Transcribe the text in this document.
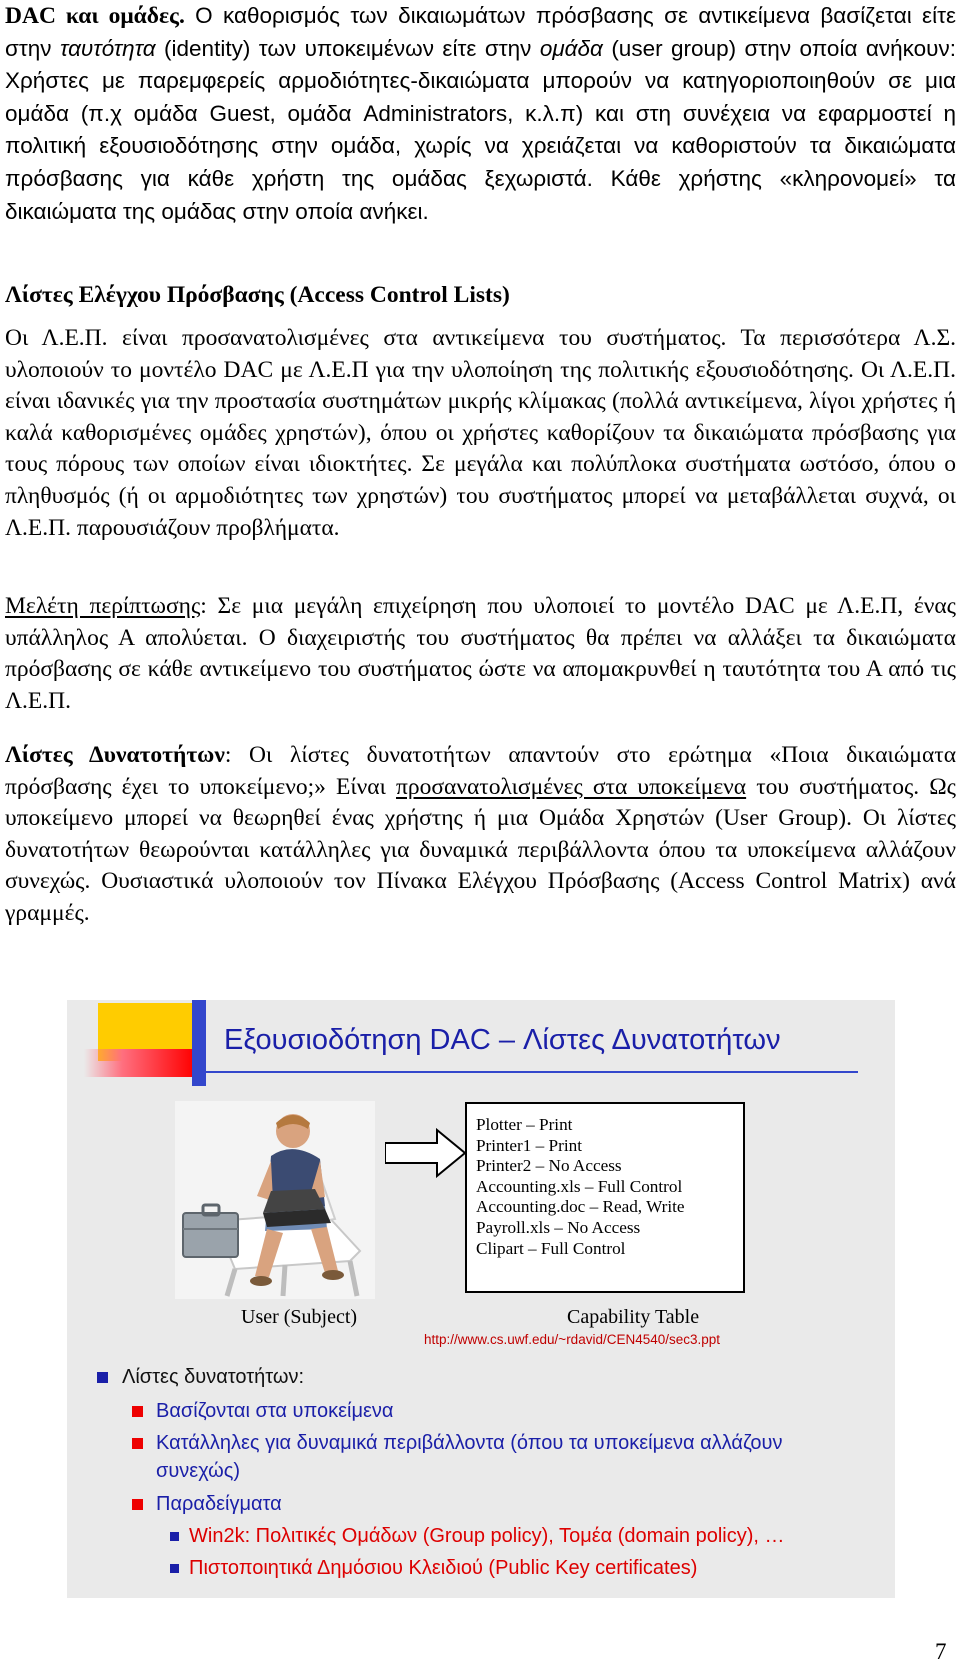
DAC και ομάδες. Ο καθορισμός των δικαιωμάτων πρόσβασης σε αντικείμενα βασίζεται είτε στην ταυτότητα (identity) των υποκειμένων είτε στην ομάδα (user group) στην οποία ανήκουν: Χρήστες με παρεμφερείς αρμοδιότητες-δικαιώματα μπορούν να κατηγοριοποιηθούν σε μια ομάδα (π.χ ομάδα Guest, ομάδα Administrators, κ.λ.π) και στη συνέχεια να εφαρμοστεί η πολιτική εξουσιοδότησης στην ομάδα, χωρίς να χρειάζεται να καθοριστούν τα δικαιώματα πρόσβασης για κάθε χρήστη της ομάδας ξεχωριστά. Κάθε χρήστης «κληρονομεί» τα δικαιώματα της ομάδας στην οποία ανήκει.

Λίστες Ελέγχου Πρόσβασης (Access Control Lists)

Οι Λ.Ε.Π. είναι προσανατολισμένες στα αντικείμενα του συστήματος. Τα περισσότερα Λ.Σ. υλοποιούν το μοντέλο DAC με Λ.Ε.Π για την υλοποίηση της πολιτικής εξουσιοδότησης. Οι Λ.Ε.Π. είναι ιδανικές για την προστασία συστημάτων μικρής κλίμακας (πολλά αντικείμενα, λίγοι χρήστες ή καλά καθορισμένες ομάδες χρηστών), όπου οι χρήστες καθορίζουν τα δικαιώματα πρόσβασης για τους πόρους των οποίων είναι ιδιοκτήτες. Σε μεγάλα και πολύπλοκα συστήματα ωστόσο, όπου ο πληθυσμός (ή οι αρμοδιότητες των χρηστών) του συστήματος μπορεί να μεταβάλλεται συχνά, οι Λ.Ε.Π. παρουσιάζουν προβλήματα.

Μελέτη περίπτωσης: Σε μια μεγάλη επιχείρηση που υλοποιεί το μοντέλο DAC με Λ.Ε.Π, ένας υπάλληλος Α απολύεται. Ο διαχειριστής του συστήματος θα πρέπει να αλλάξει τα δικαιώματα πρόσβασης σε κάθε αντικείμενο του συστήματος ώστε να απομακρυνθεί η ταυτότητα του Α από τις Λ.Ε.Π.

Λίστες Δυνατοτήτων: Οι λίστες δυνατοτήτων απαντούν στο ερώτημα «Ποια δικαιώματα πρόσβασης έχει το υποκείμενο;» Είναι προσανατολισμένες στα υποκείμενα του συστήματος. Ως υποκείμενο μπορεί να θεωρηθεί ένας χρήστης ή μια Ομάδα Χρηστών (User Group). Οι λίστες δυνατοτήτων θεωρούνται κατάλληλες για δυναμικά περιβάλλοντα όπου τα υποκείμενα αλλάζουν συνεχώς. Ουσιαστικά υλοποιούν τον Πίνακα Ελέγχου Πρόσβασης (Access Control Matrix) ανά γραμμές.

Εξουσιοδότηση DAC – Λίστες Δυνατοτήτων
Plotter – Print
Printer1 – Print
Printer2 – No Access
Accounting.xls – Full Control
Accounting.doc – Read, Write
Payroll.xls – No Access
Clipart – Full Control
User (Subject)	Capability Table
http://www.cs.uwf.edu/~rdavid/CEN4540/sec3.ppt
Λίστες δυνατοτήτων:
Βασίζονται στα υποκείμενα
Κατάλληλες για δυναμικά περιβάλλοντα (όπου τα υποκείμενα αλλάζουν συνεχώς)
Παραδείγματα
Win2k: Πολιτικές Ομάδων (Group policy), Τομέα (domain policy), …
Πιστοποιητικά Δημόσιου Κλειδιού (Public Key certificates)
7
